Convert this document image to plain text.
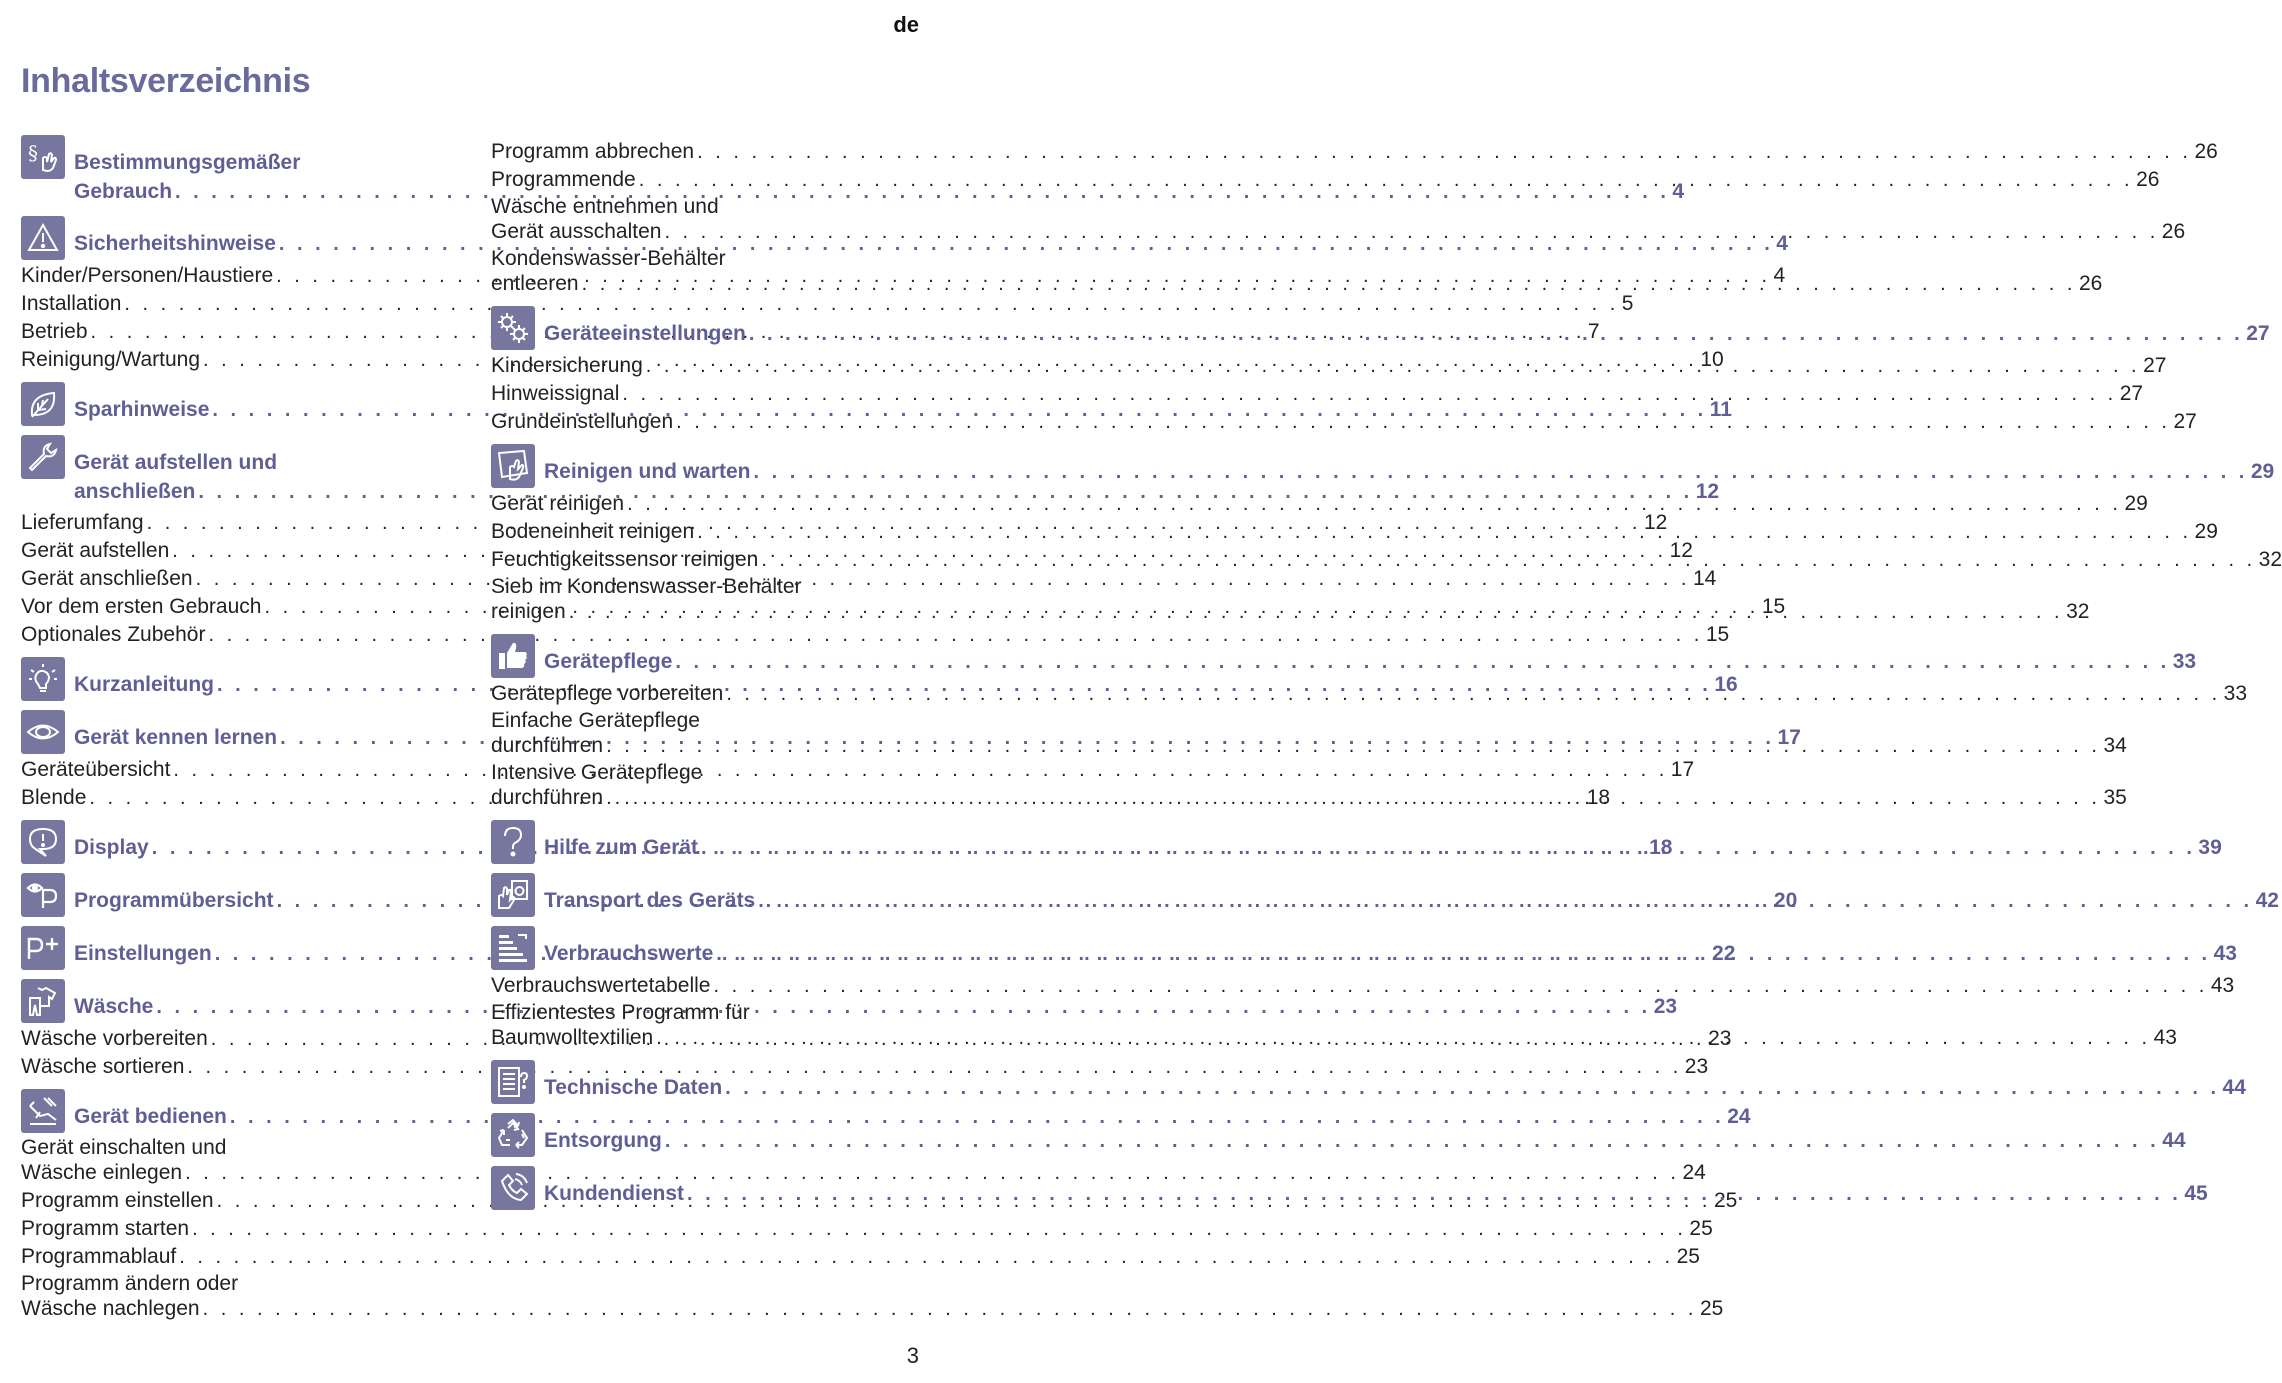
de
Inhaltsverzeichnis
§ Bestimmungsgemäßer
Gebrauch . . .	4
Sicherheitshinweise . . .	4
Kinder/Personen/Haustiere . . .	4
Installation . . .	5
Betrieb . . .	7
Reinigung/Wartung . . .	10
Sparhinweise . . .	11
Gerät aufstellen und
anschließen . . .	12
Lieferumfang . . .	12
Gerät aufstellen . . .	12
Gerät anschließen . . .	14
Vor dem ersten Gebrauch . . .	15
Optionales Zubehör . . .	15
Kurzanleitung . . .	16
Gerät kennen lernen . . .	17
Geräteübersicht . . .	17
Blende . . .	18
Display . . .	18
Programmübersicht . . .	20
Einstellungen . . .	22
Wäsche . . .	23
Wäsche vorbereiten . . .	23
Wäsche sortieren . . .	23
Gerät bedienen . . .	24
Gerät einschalten und
Wäsche einlegen . . .	24
Programm einstellen . . .	25
Programm starten . . .	25
Programmablauf . . .	25
Programm ändern oder
Wäsche nachlegen . . .	25
Programm abbrechen . . .	26
Programmende . . .	26
Wäsche entnehmen und
Gerät ausschalten . . .	26
Kondenswasser-Behälter
entleeren . . .	26
Geräteeinstellungen . . .	27
Kindersicherung . . .	27
Hinweissignal . . .	27
Grundeinstellungen . . .	27
Reinigen und warten . . .	29
Gerät reinigen . . .	29
Bodeneinheit reinigen . . .	29
Feuchtigkeitssensor reinigen . . .	32
Sieb im Kondenswasser-Behälter
reinigen . . .	32
Gerätepflege . . .	33
Gerätepflege vorbereiten . . .	33
Einfache Gerätepflege
durchführen . . .	34
Intensive Gerätepflege
durchführen . . .	35
Hilfe zum Gerät . . .	39
Transport des Geräts . . .	42
Verbrauchswerte . . .	43
Verbrauchswertetabelle . . .	43
Effizientestes Programm für
Baumwolltextilien . . .	43
Technische Daten . . .	44
Entsorgung . . .	44
Kundendienst . . .	45
3
